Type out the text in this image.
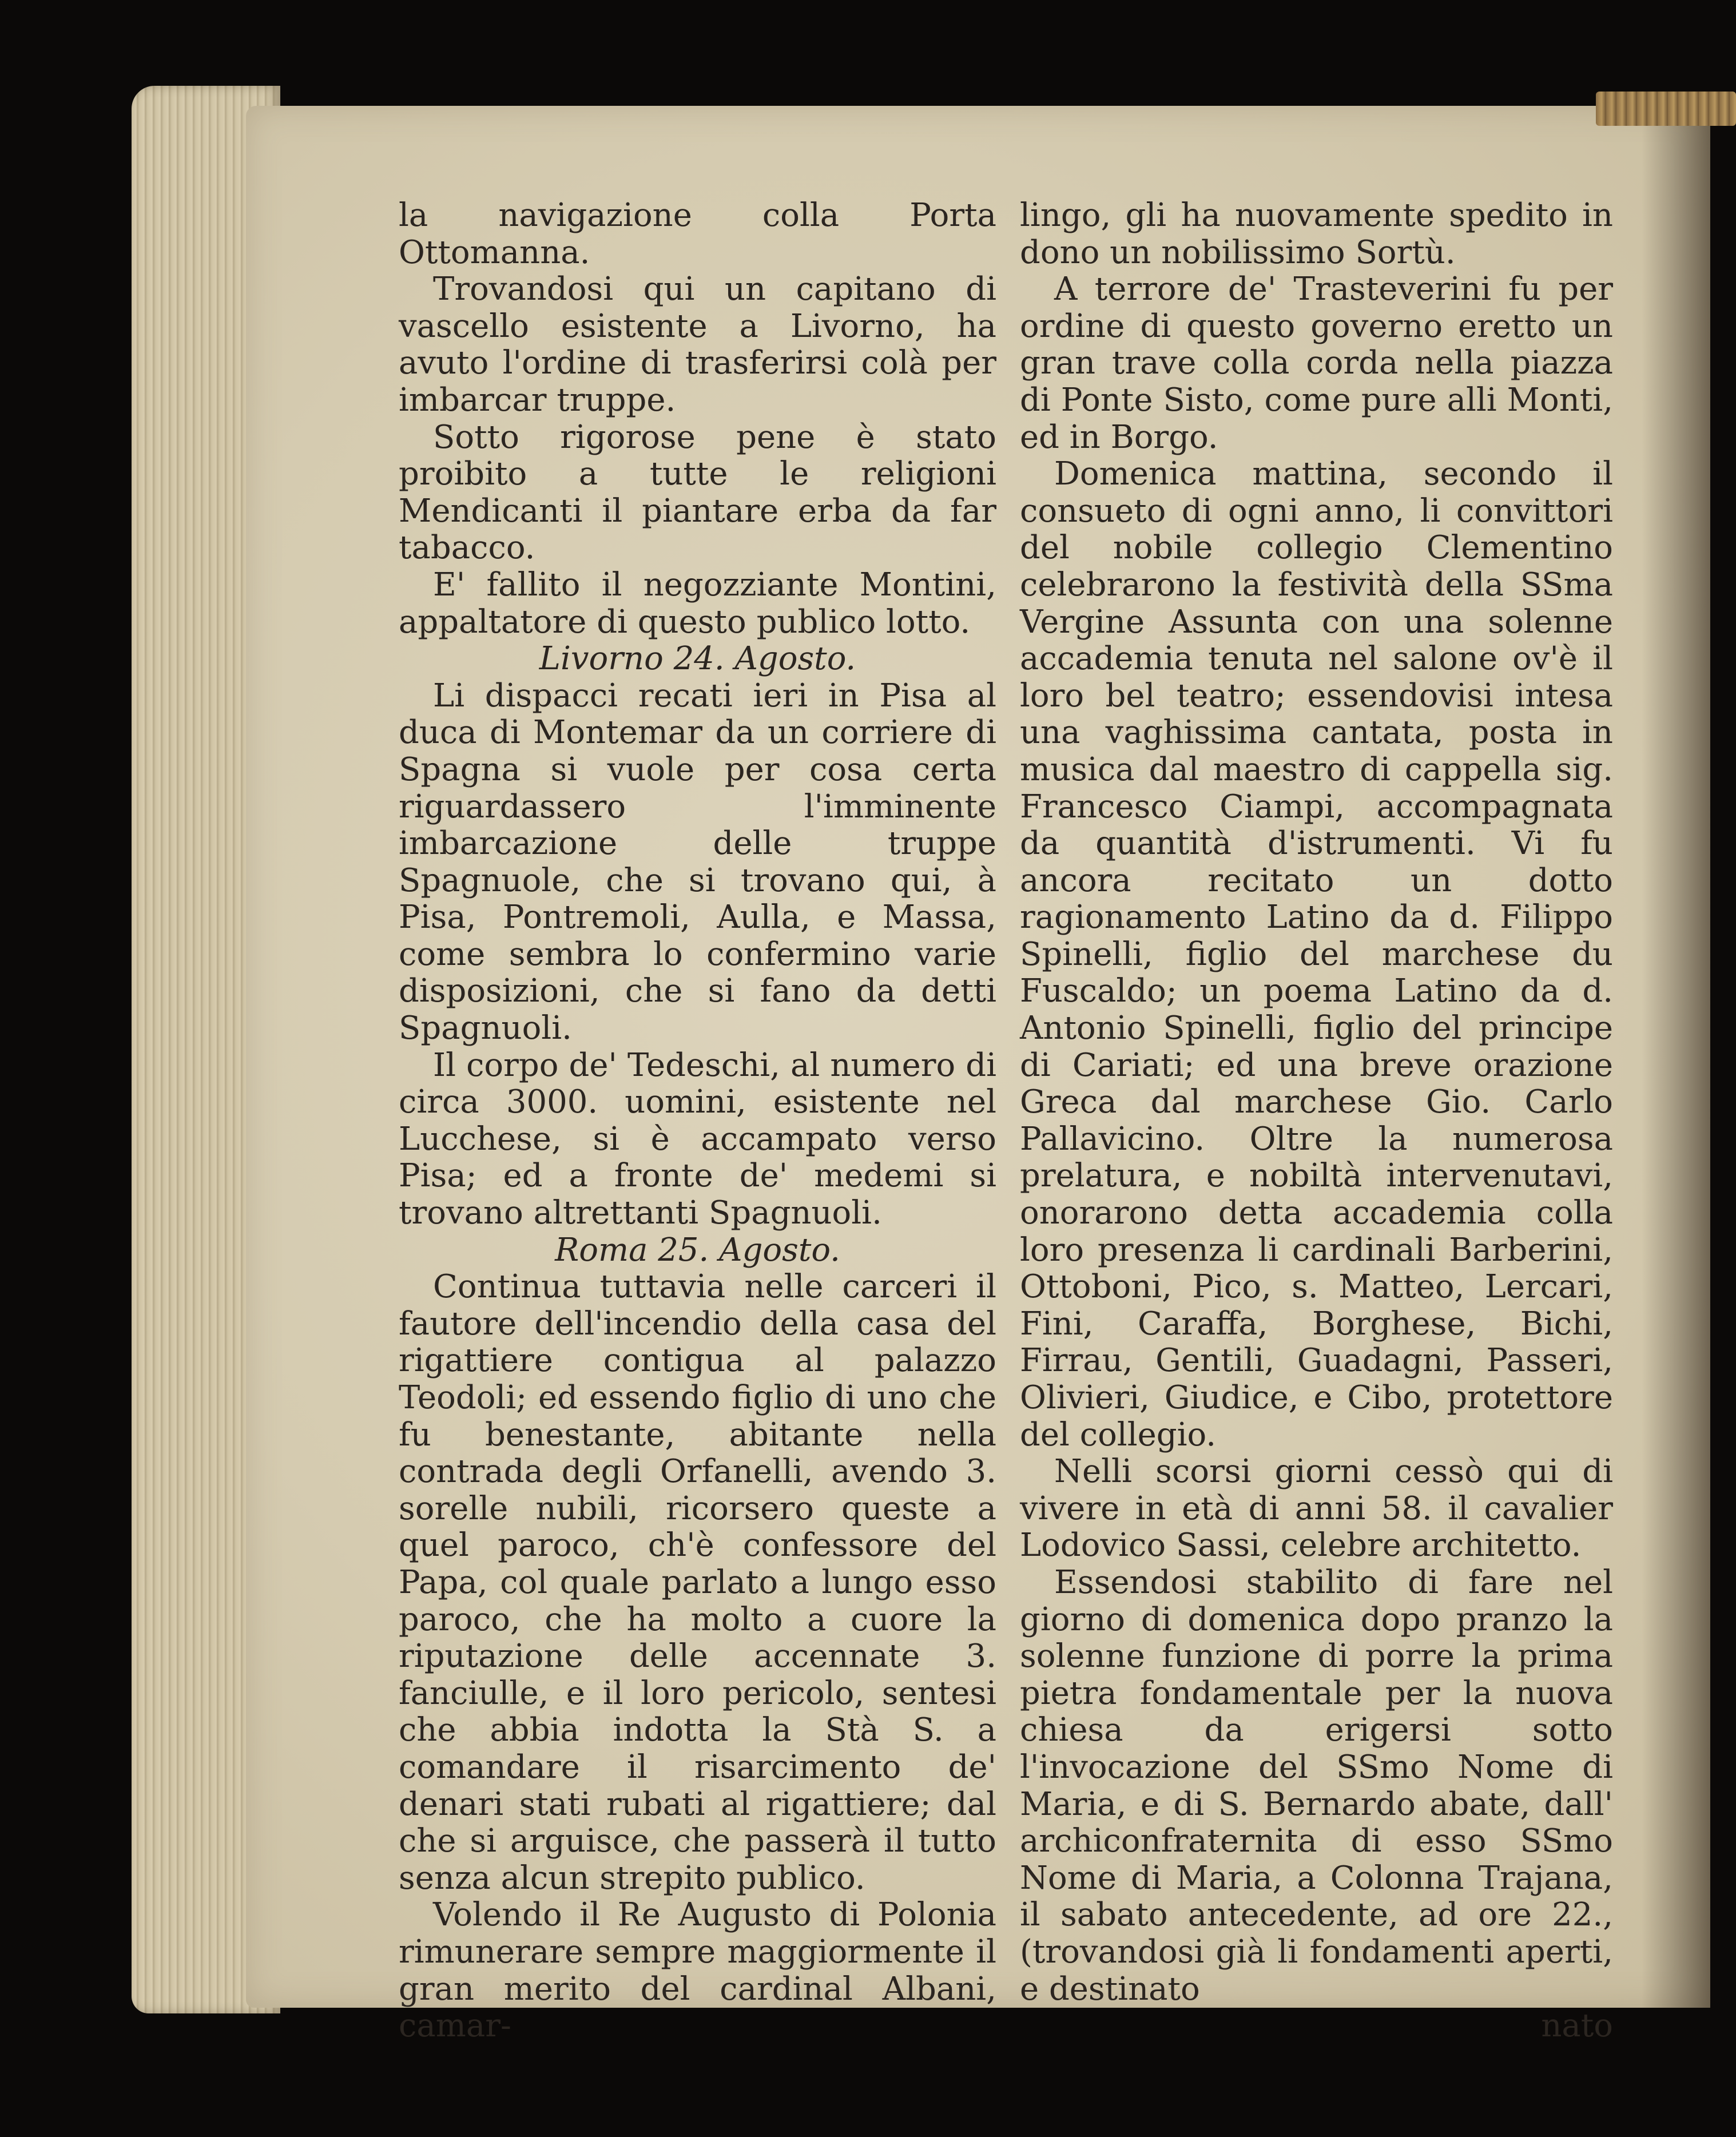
la navigazione colla Porta Ottomanna.

Trovandosi qui un capitano di vascello esistente a Livorno, ha avuto l'ordine di trasferirsi colà per imbarcar truppe.

Sotto rigorose pene è stato proibito a tutte le religioni Mendicanti il piantare erba da far tabacco.

E' fallito il negozziante Montini, appaltatore di questo publico lotto.

Livorno 24. Agosto.

Li dispacci recati ieri in Pisa al duca di Montemar da un corriere di Spagna si vuole per cosa certa riguardassero l'imminente imbarcazione delle truppe Spagnuole, che si trovano qui, à Pisa, Pontremoli, Aulla, e Massa, come sembra lo confermino varie disposizioni, che si fano da detti Spagnuoli.

Il corpo de' Tedeschi, al numero di circa 3000. uomini, esistente nel Lucchese, si è accampato verso Pisa; ed a fronte de' medemi si trovano altrettanti Spagnuoli.

Roma 25. Agosto.

Continua tuttavia nelle carceri il fautore dell'incendio della casa del rigattiere contigua al palazzo Teodoli; ed essendo figlio di uno che fu benestante, abitante nella contrada degli Orfanelli, avendo 3. sorelle nubili, ricorsero queste a quel paroco, ch'è confessore del Papa, col quale parlato a lungo esso paroco, che ha molto a cuore la riputazione delle accennate 3. fanciulle, e il loro pericolo, sentesi che abbia indotta la Stà S. a comandare il risarcimento de' denari stati rubati al rigattiere; dal che si arguisce, che passerà il tutto senza alcun strepito publico.

Volendo il Re Augusto di Polonia rimunerare sempre maggiormente il gran merito del cardinal Albani, camar-

lingo, gli ha nuovamente spedito in dono un nobilissimo Sortù.

A terrore de' Trasteverini fu per ordine di questo governo eretto un gran trave colla corda nella piazza di Ponte Sisto, come pure alli Monti, ed in Borgo.

Domenica mattina, secondo il consueto di ogni anno, li convittori del nobile collegio Clementino celebrarono la festività della SSma Vergine Assunta con una solenne accademia tenuta nel salone ov'è il loro bel teatro; essendovisi intesa una vaghissima cantata, posta in musica dal maestro di cappella sig. Francesco Ciampi, accompagnata da quantità d'istrumenti. Vi fu ancora recitato un dotto ragionamento Latino da d. Filippo Spinelli, figlio del marchese du Fuscaldo; un poema Latino da d. Antonio Spinelli, figlio del principe di Cariati; ed una breve orazione Greca dal marchese Gio. Carlo Pallavicino. Oltre la numerosa prelatura, e nobiltà intervenutavi, onorarono detta accademia colla loro presenza li cardinali Barberini, Ottoboni, Pico, s. Matteo, Lercari, Fini, Caraffa, Borghese, Bichi, Firrau, Gentili, Guadagni, Passeri, Olivieri, Giudice, e Cibo, protettore del collegio.

Nelli scorsi giorni cessò qui di vivere in età di anni 58. il cavalier Lodovico Sassi, celebre architetto.

Essendosi stabilito di fare nel giorno di domenica dopo pranzo la solenne funzione di porre la prima pietra fondamentale per la nuova chiesa da erigersi sotto l'invocazione del SSmo Nome di Maria, e di S. Bernardo abate, dall' archiconfraternita di esso SSmo Nome di Maria, a Colonna Trajana, il sabato antecedente, ad ore 22., (trovandosi già li fondamenti aperti, e destinato

nato
